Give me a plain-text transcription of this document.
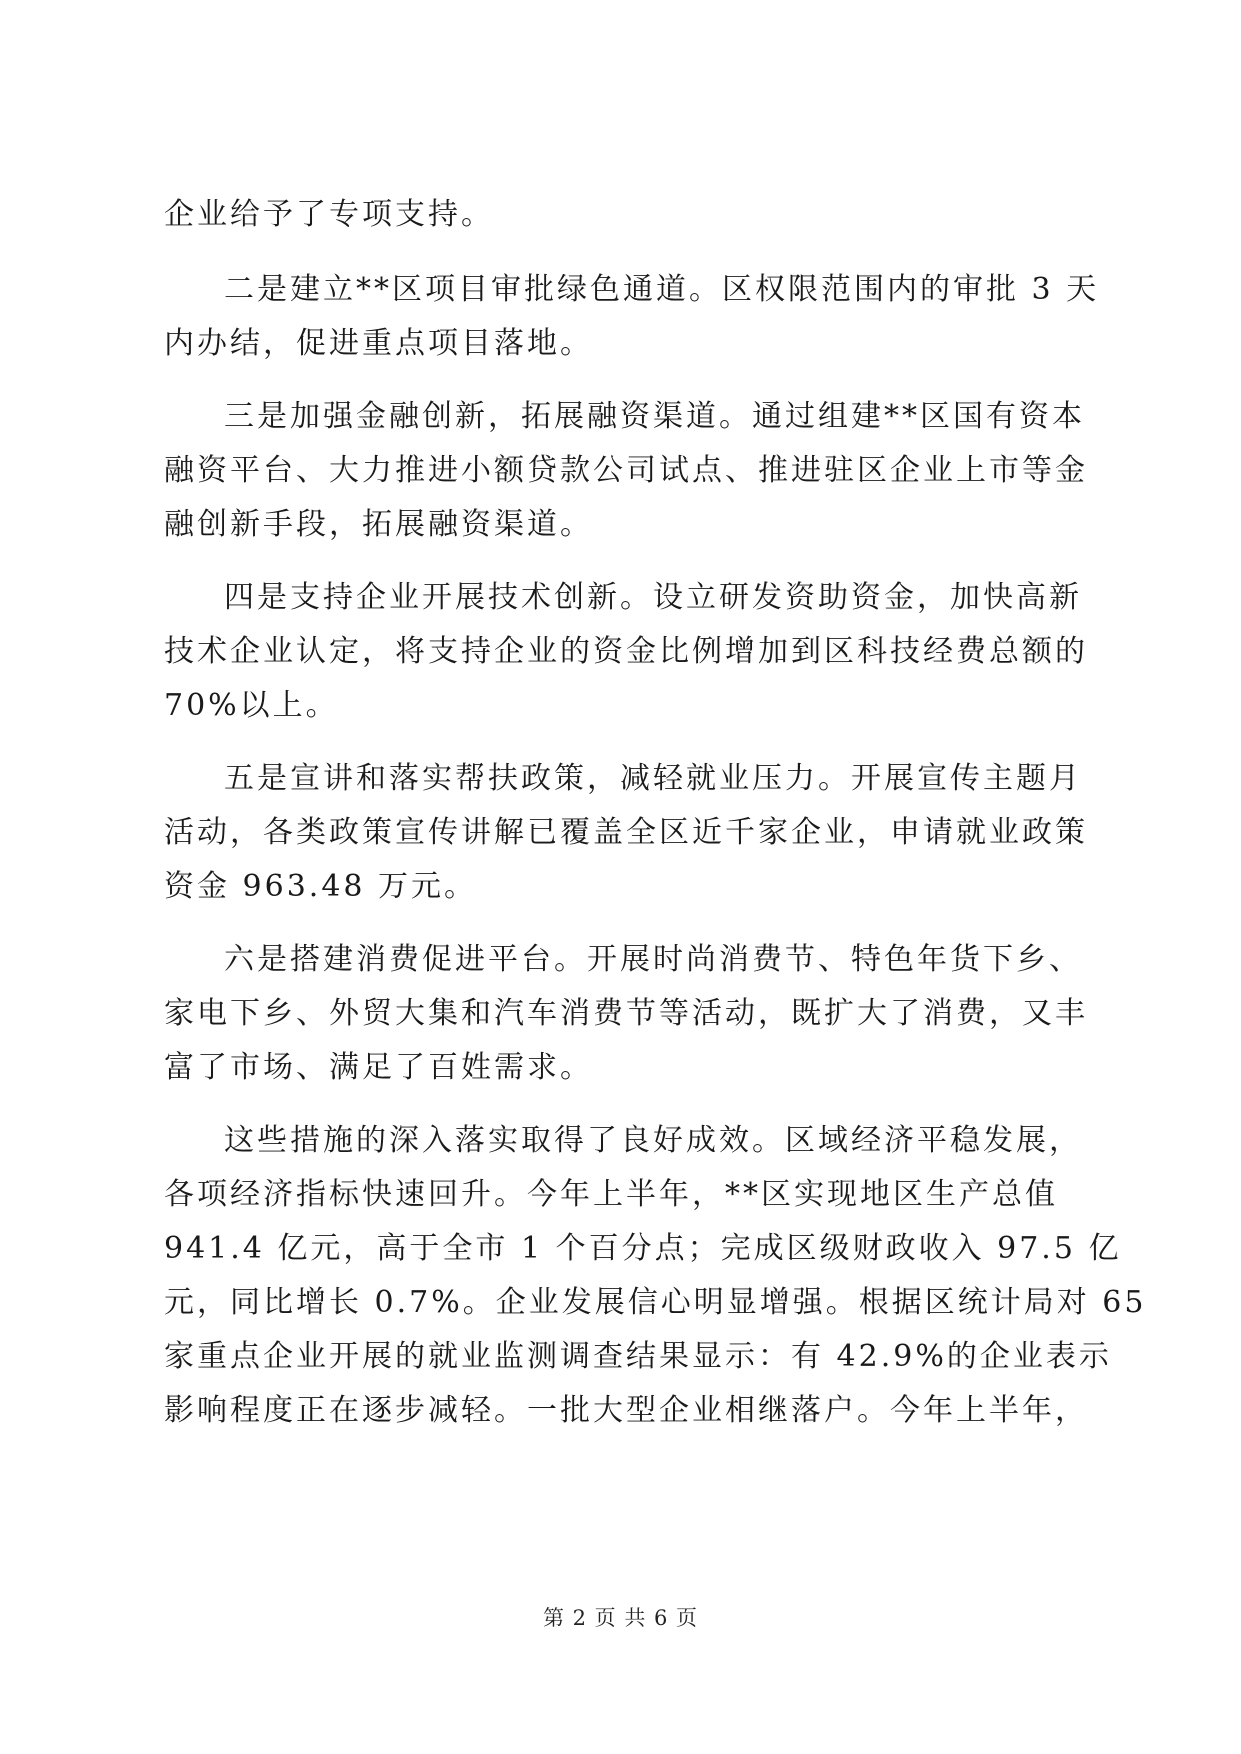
企业给予了专项支持。
二是建立**区项目审批绿色通道。区权限范围内的审批 3 天
内办结，促进重点项目落地。
三是加强金融创新，拓展融资渠道。通过组建**区国有资本
融资平台、大力推进小额贷款公司试点、推进驻区企业上市等金
融创新手段，拓展融资渠道。
四是支持企业开展技术创新。设立研发资助资金，加快高新
技术企业认定，将支持企业的资金比例增加到区科技经费总额的
70%以上。
五是宣讲和落实帮扶政策，减轻就业压力。开展宣传主题月
活动，各类政策宣传讲解已覆盖全区近千家企业，申请就业政策
资金 963.48 万元。
六是搭建消费促进平台。开展时尚消费节、特色年货下乡、
家电下乡、外贸大集和汽车消费节等活动，既扩大了消费，又丰
富了市场、满足了百姓需求。
这些措施的深入落实取得了良好成效。区域经济平稳发展，
各项经济指标快速回升。今年上半年，**区实现地区生产总值
941.4 亿元，高于全市 1 个百分点；完成区级财政收入 97.5 亿
元，同比增长 0.7%。企业发展信心明显增强。根据区统计局对 65
家重点企业开展的就业监测调查结果显示：有 42.9%的企业表示
影响程度正在逐步减轻。一批大型企业相继落户。今年上半年，
第 2 页 共 6 页
